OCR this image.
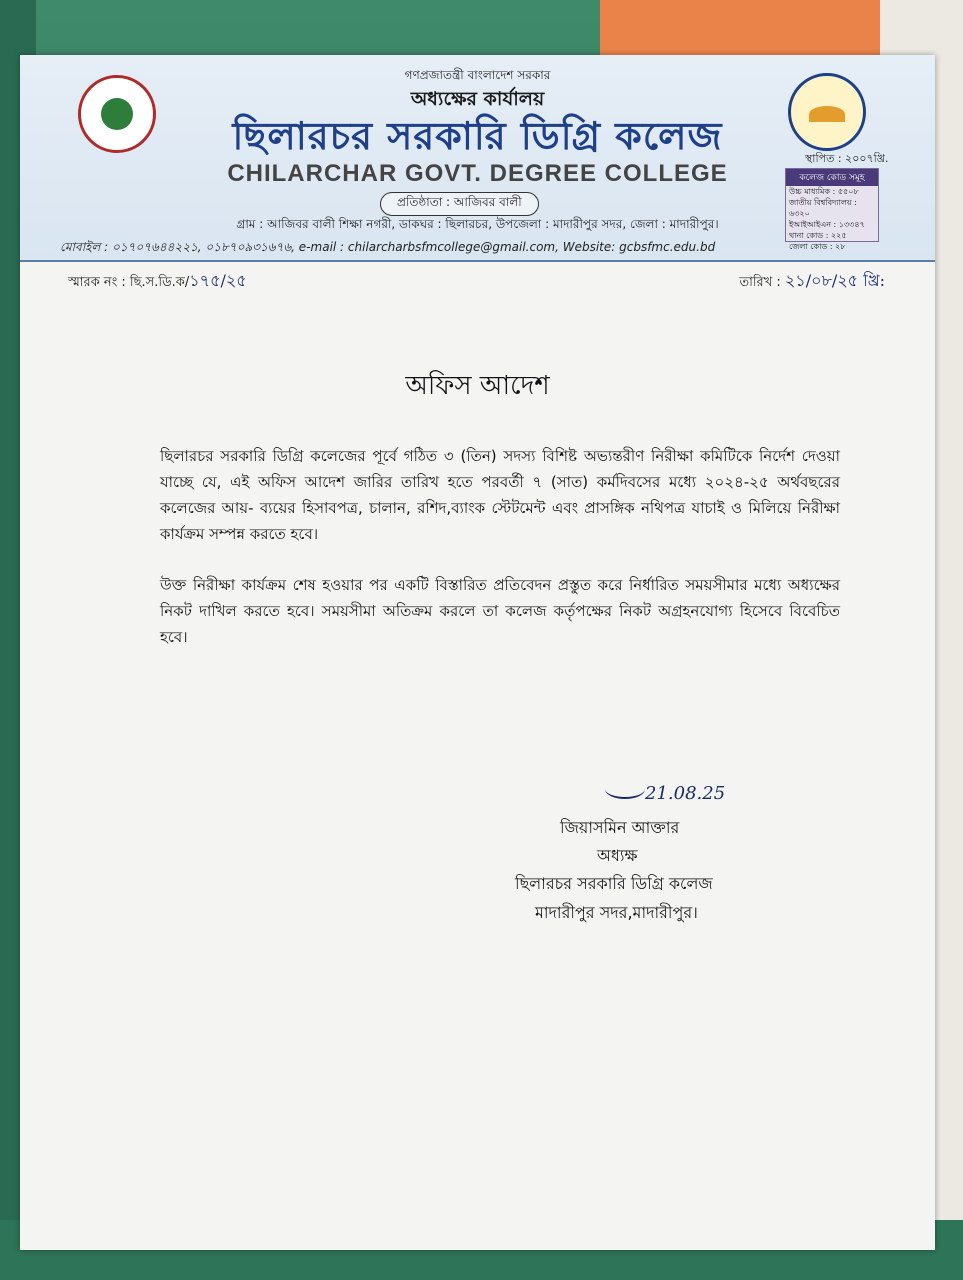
গণপ্রজাতন্ত্রী বাংলাদেশ সরকার
অধ্যক্ষের কার্যালয়
ছিলারচর সরকারি ডিগ্রি কলেজ
CHILARCHAR GOVT. DEGREE COLLEGE
প্রতিষ্ঠাতা : আজিবর বালী
গ্রাম : আজিবর বালী শিক্ষা নগরী, ডাকঘর : ছিলারচর, উপজেলা : মাদারীপুর সদর, জেলা : মাদারীপুর।
মোবাইল : ০১৭০৭৬৪৪২২১, ০১৮৭০৯৩১৬৭৬, e-mail : chilarcharbsfmcollege@gmail.com, Website: gcbsfmc.edu.bd
স্থাপিত : ২০০৭খ্রি.
কলেজ কোড সমূহ
উচ্চ মাধ্যমিক : ৫৫০৮
জাতীয় বিশ্ববিদ্যালয় : ৬৩২০
ইআইআইএন : ১৩৩৪৭
থানা কোড : ২২৫
জেলা কোড : ২৮
স্মারক নং : ছি.স.ডি.ক/১৭৫/২৫	তারিখ : ২১/০৮/২৫ খ্রি:
অফিস আদেশ
ছিলারচর সরকারি ডিগ্রি কলেজের পূর্বে গঠিত ৩ (তিন) সদস্য বিশিষ্ট অভ্যন্তরীণ নিরীক্ষা কমিটিকে নির্দেশ দেওয়া যাচ্ছে যে, এই অফিস আদেশ জারির তারিখ হতে পরবর্তী ৭ (সাত) কর্মদিবসের মধ্যে ২০২৪-২৫ অর্থবছরের কলেজের আয়- ব্যয়ের হিসাবপত্র, চালান, রশিদ,ব্যাংক স্টেটমেন্ট এবং প্রাসঙ্গিক নথিপত্র যাচাই ও মিলিয়ে নিরীক্ষা কার্যক্রম সম্পন্ন করতে হবে।
উক্ত নিরীক্ষা কার্যক্রম শেষ হওয়ার পর একটি বিস্তারিত প্রতিবেদন প্রস্তুত করে নির্ধারিত সময়সীমার মধ্যে অধ্যক্ষের নিকট দাখিল করতে হবে। সময়সীমা অতিক্রম করলে তা কলেজ কর্তৃপক্ষের নিকট অগ্রহনযোগ্য হিসেবে বিবেচিত হবে।
21.08.25
জিয়াসমিন আক্তার
অধ্যক্ষ
ছিলারচর সরকারি ডিগ্রি কলেজ
মাদারীপুর সদর,মাদারীপুর।
